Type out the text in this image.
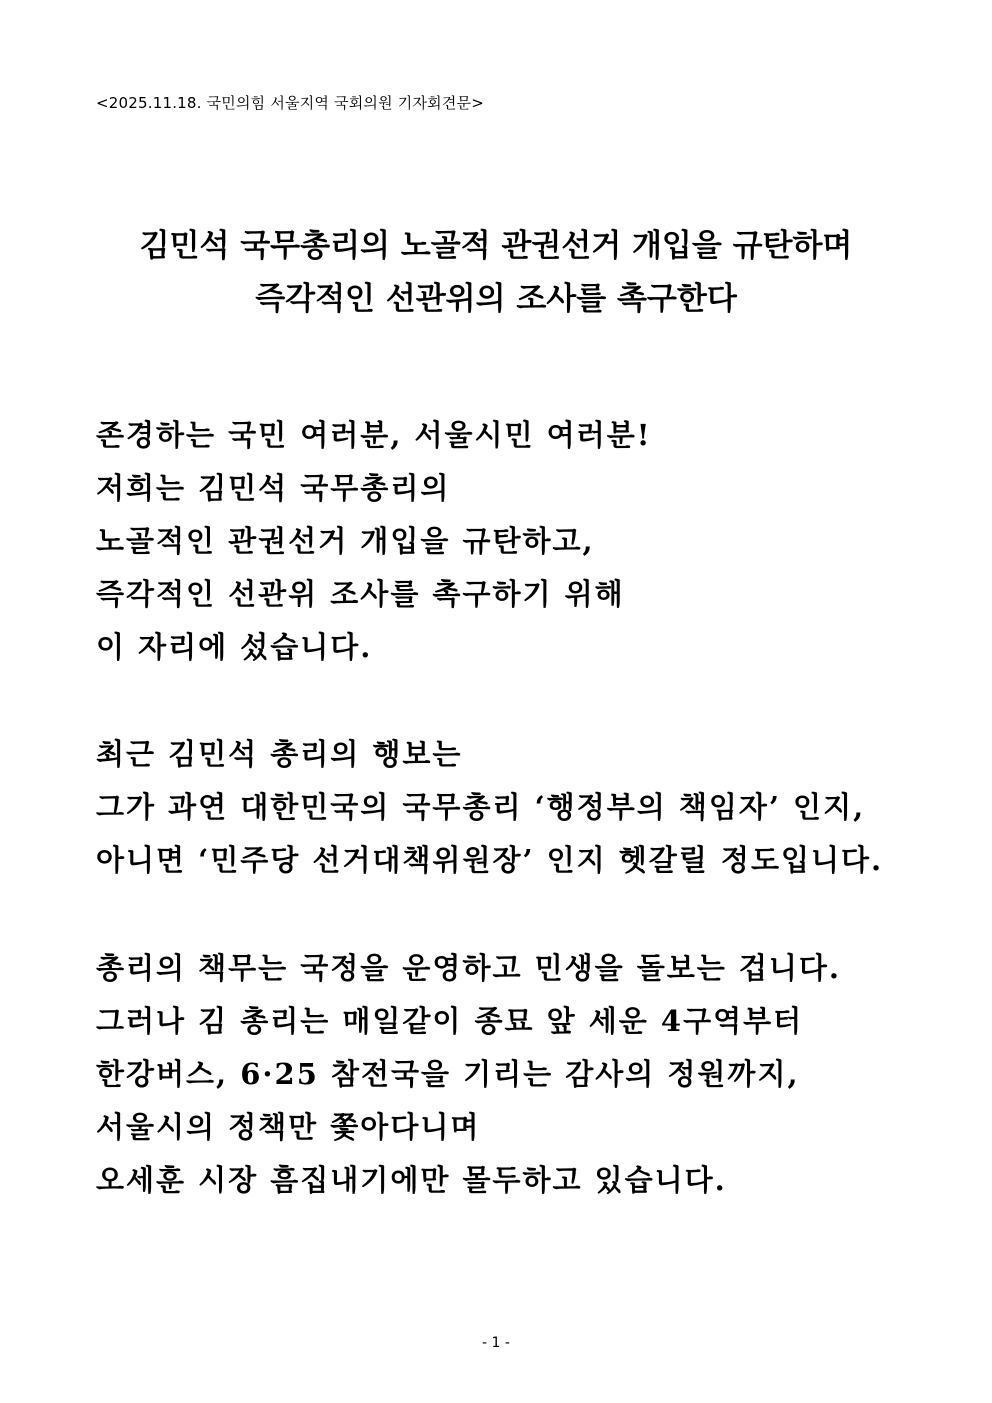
<2025.11.18. 국민의힘 서울지역 국회의원 기자회견문>
김민석 국무총리의 노골적 관권선거 개입을 규탄하며
즉각적인 선관위의 조사를 촉구한다
존경하는 국민 여러분, 서울시민 여러분!
저희는 김민석 국무총리의
노골적인 관권선거 개입을 규탄하고,
즉각적인 선관위 조사를 촉구하기 위해
이 자리에 섰습니다.
최근 김민석 총리의 행보는
그가 과연 대한민국의 국무총리 ‘행정부의 책임자’ 인지,
아니면 ‘민주당 선거대책위원장’ 인지 헷갈릴 정도입니다.
총리의 책무는 국정을 운영하고 민생을 돌보는 겁니다.
그러나 김 총리는 매일같이 종묘 앞 세운 4구역부터
한강버스, 6·25 참전국을 기리는 감사의 정원까지,
서울시의 정책만 쫓아다니며
오세훈 시장 흠집내기에만 몰두하고 있습니다.
- 1 -
